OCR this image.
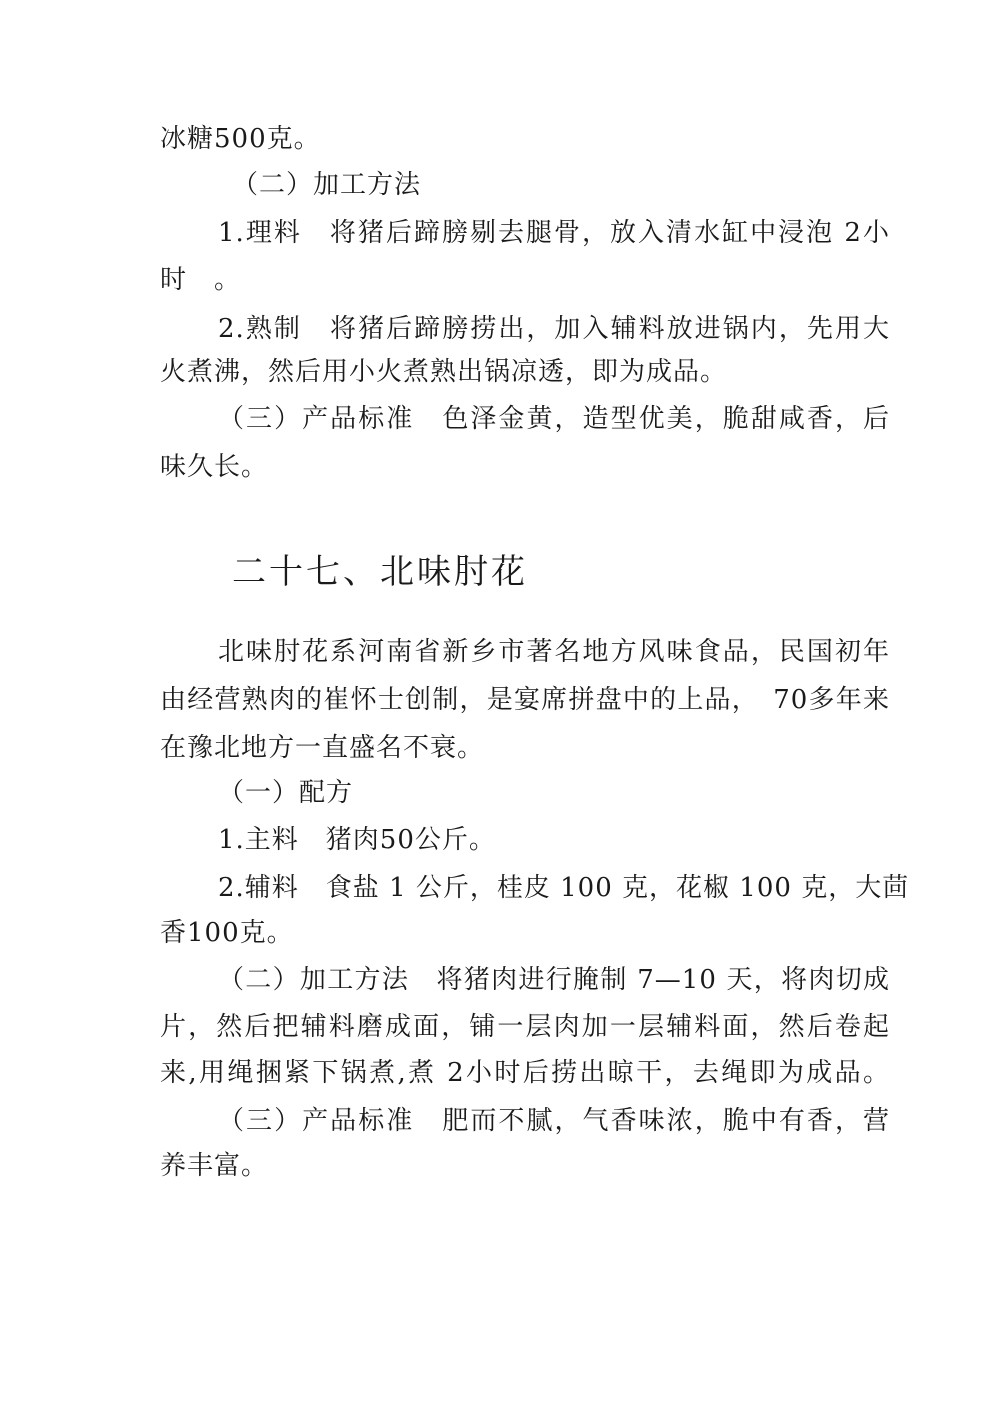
冰糖500克。
（二）加工方法
1.理料　将猪后蹄膀剔去腿骨，放入清水缸中浸泡 2小
时　。
2.熟制　将猪后蹄膀捞出，加入辅料放进锅内，先用大
火煮沸，然后用小火煮熟出锅凉透，即为成品。
（三）产品标准　色泽金黄，造型优美，脆甜咸香，后
味久长。
二十七、北味肘花
北味肘花系河南省新乡市著名地方风味食品，民国初年
由经营熟肉的崔怀士创制，是宴席拼盘中的上品，　70多年来
在豫北地方一直盛名不衰。
（一）配方
1.主料　猪肉50公斤。
2.辅料　食盐 1 公斤，桂皮 100 克，花椒 100 克，大茴
香100克。
（二）加工方法　将猪肉进行腌制 7—10 天，将肉切成
片，然后把辅料磨成面，铺一层肉加一层辅料面，然后卷起
来,用绳捆紧下锅煮,煮 2小时后捞出晾干，去绳即为成品。
（三）产品标准　肥而不腻，气香味浓，脆中有香，营
养丰富。
